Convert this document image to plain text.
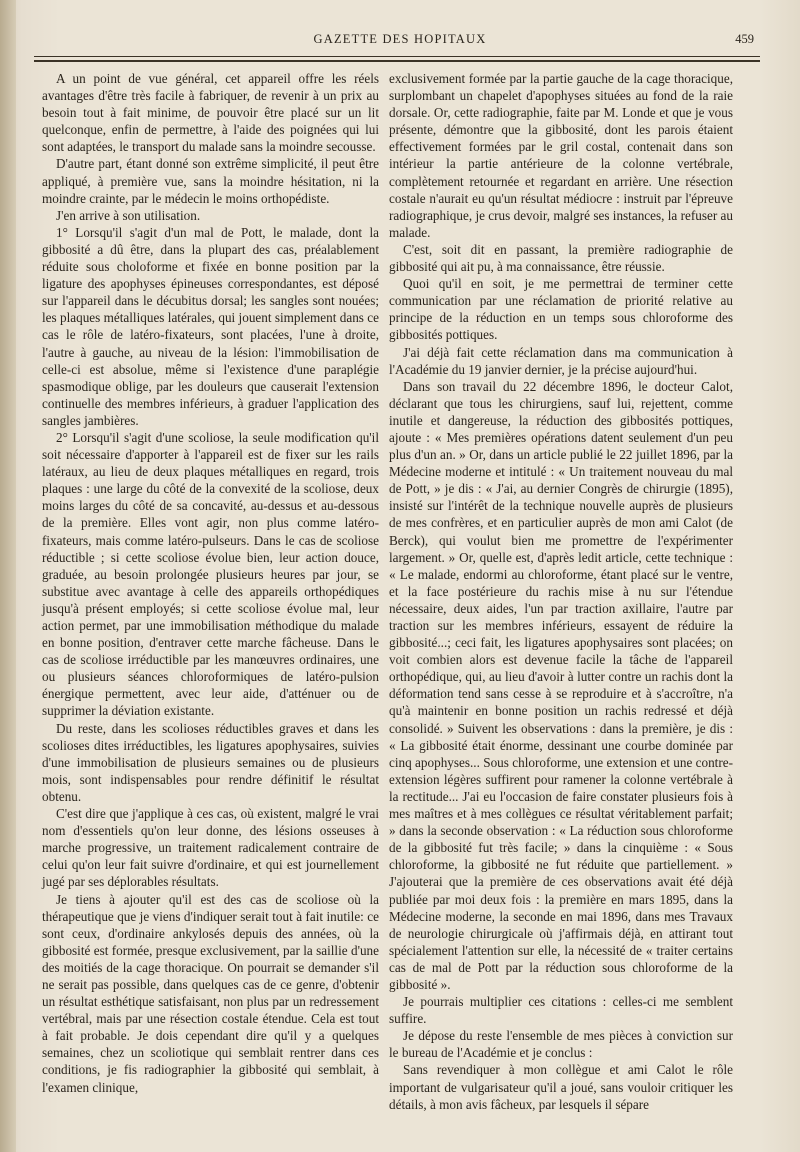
GAZETTE DES HOPITAUX	459

A un point de vue général, cet appareil offre les réels avantages d'être très facile à fabriquer, de revenir à un prix au besoin tout à fait minime, de pouvoir être placé sur un lit quelconque, enfin de permettre, à l'aide des poignées qui lui sont adaptées, le transport du malade sans la moindre secousse.

D'autre part, étant donné son extrême simplicité, il peut être appliqué, à première vue, sans la moindre hésitation, ni la moindre crainte, par le médecin le moins orthopédiste.

J'en arrive à son utilisation.

1° Lorsqu'il s'agit d'un mal de Pott, le malade, dont la gibbosité a dû être, dans la plupart des cas, préalablement réduite sous choloforme et fixée en bonne position par la ligature des apophyses épineuses correspondantes, est déposé sur l'appareil dans le décubitus dorsal; les sangles sont nouées; les plaques métalliques latérales, qui jouent simplement dans ce cas le rôle de latéro-fixateurs, sont placées, l'une à droite, l'autre à gauche, au niveau de la lésion: l'immobilisation de celle-ci est absolue, même si l'existence d'une paraplégie spasmodique oblige, par les douleurs que causerait l'extension continuelle des membres inférieurs, à graduer l'application des sangles jambières.

2° Lorsqu'il s'agit d'une scoliose, la seule modification qu'il soit nécessaire d'apporter à l'appareil est de fixer sur les rails latéraux, au lieu de deux plaques métalliques en regard, trois plaques : une large du côté de la convexité de la scoliose, deux moins larges du côté de sa concavité, au-dessus et au-dessous de la première. Elles vont agir, non plus comme latéro-fixateurs, mais comme latéro-pulseurs. Dans le cas de scoliose réductible ; si cette scoliose évolue bien, leur action douce, graduée, au besoin prolongée plusieurs heures par jour, se substitue avec avantage à celle des appareils orthopédiques jusqu'à présent employés; si cette scoliose évolue mal, leur action permet, par une immobilisation méthodique du malade en bonne position, d'entraver cette marche fâcheuse. Dans le cas de scoliose irréductible par les manœuvres ordinaires, une ou plusieurs séances chloroformiques de latéro-pulsion énergique permettent, avec leur aide, d'atténuer ou de supprimer la déviation existante.

Du reste, dans les scolioses réductibles graves et dans les scolioses dites irréductibles, les ligatures apophysaires, suivies d'une immobilisation de plusieurs semaines ou de plusieurs mois, sont indispensables pour rendre définitif le résultat obtenu.

C'est dire que j'applique à ces cas, où existent, malgré le vrai nom d'essentiels qu'on leur donne, des lésions osseuses à marche progressive, un traitement radicalement contraire de celui qu'on leur fait suivre d'ordinaire, et qui est journellement jugé par ses déplorables résultats.

Je tiens à ajouter qu'il est des cas de scoliose où la thérapeutique que je viens d'indiquer serait tout à fait inutile: ce sont ceux, d'ordinaire ankylosés depuis des années, où la gibbosité est formée, presque exclusivement, par la saillie d'une des moitiés de la cage thoracique. On pourrait se demander s'il ne serait pas possible, dans quelques cas de ce genre, d'obtenir un résultat esthétique satisfaisant, non plus par un redressement vertébral, mais par une résection costale étendue. Cela est tout à fait probable. Je dois cependant dire qu'il y a quelques semaines, chez un scoliotique qui semblait rentrer dans ces conditions, je fis radiographier la gibbosité qui semblait, à l'examen clinique,

exclusivement formée par la partie gauche de la cage thoracique, surplombant un chapelet d'apophyses situées au fond de la raie dorsale. Or, cette radiographie, faite par M. Londe et que je vous présente, démontre que la gibbosité, dont les parois étaient effectivement formées par le gril costal, contenait dans son intérieur la partie antérieure de la colonne vertébrale, complètement retournée et regardant en arrière. Une résection costale n'aurait eu qu'un résultat médiocre : instruit par l'épreuve radiographique, je crus devoir, malgré ses instances, la refuser au malade.

C'est, soit dit en passant, la première radiographie de gibbosité qui ait pu, à ma connaissance, être réussie.

Quoi qu'il en soit, je me permettrai de terminer cette communication par une réclamation de priorité relative au principe de la réduction en un temps sous chloroforme des gibbosités pottiques.

J'ai déjà fait cette réclamation dans ma communication à l'Académie du 19 janvier dernier, je la précise aujourd'hui.

Dans son travail du 22 décembre 1896, le docteur Calot, déclarant que tous les chirurgiens, sauf lui, rejettent, comme inutile et dangereuse, la réduction des gibbosités pottiques, ajoute : « Mes premières opérations datent seulement d'un peu plus d'un an. » Or, dans un article publié le 22 juillet 1896, par la Médecine moderne et intitulé : « Un traitement nouveau du mal de Pott, » je dis : « J'ai, au dernier Congrès de chirurgie (1895), insisté sur l'intérêt de la technique nouvelle auprès de plusieurs de mes confrères, et en particulier auprès de mon ami Calot (de Berck), qui voulut bien me promettre de l'expérimenter largement. » Or, quelle est, d'après ledit article, cette technique : « Le malade, endormi au chloroforme, étant placé sur le ventre, et la face postérieure du rachis mise à nu sur l'étendue nécessaire, deux aides, l'un par traction axillaire, l'autre par traction sur les membres inférieurs, essayent de réduire la gibbosité...; ceci fait, les ligatures apophysaires sont placées; on voit combien alors est devenue facile la tâche de l'appareil orthopédique, qui, au lieu d'avoir à lutter contre un rachis dont la déformation tend sans cesse à se reproduire et à s'accroître, n'a qu'à maintenir en bonne position un rachis redressé et déjà consolidé. » Suivent les observations : dans la première, je dis : « La gibbosité était énorme, dessinant une courbe dominée par cinq apophyses... Sous chloroforme, une extension et une contre-extension légères suffirent pour ramener la colonne vertébrale à la rectitude... J'ai eu l'occasion de faire constater plusieurs fois à mes maîtres et à mes collègues ce résultat véritablement parfait; » dans la seconde observation : « La réduction sous chloroforme de la gibbosité fut très facile; » dans la cinquième : « Sous chloroforme, la gibbosité ne fut réduite que partiellement. » J'ajouterai que la première de ces observations avait été déjà publiée par moi deux fois : la première en mars 1895, dans la Médecine moderne, la seconde en mai 1896, dans mes Travaux de neurologie chirurgicale où j'affirmais déjà, en attirant tout spécialement l'attention sur elle, la nécessité de « traiter certains cas de mal de Pott par la réduction sous chloroforme de la gibbosité ».

Je pourrais multiplier ces citations : celles-ci me semblent suffire.

Je dépose du reste l'ensemble de mes pièces à conviction sur le bureau de l'Académie et je conclus :

Sans revendiquer à mon collègue et ami Calot le rôle important de vulgarisateur qu'il a joué, sans vouloir critiquer les détails, à mon avis fâcheux, par lesquels il sépare
